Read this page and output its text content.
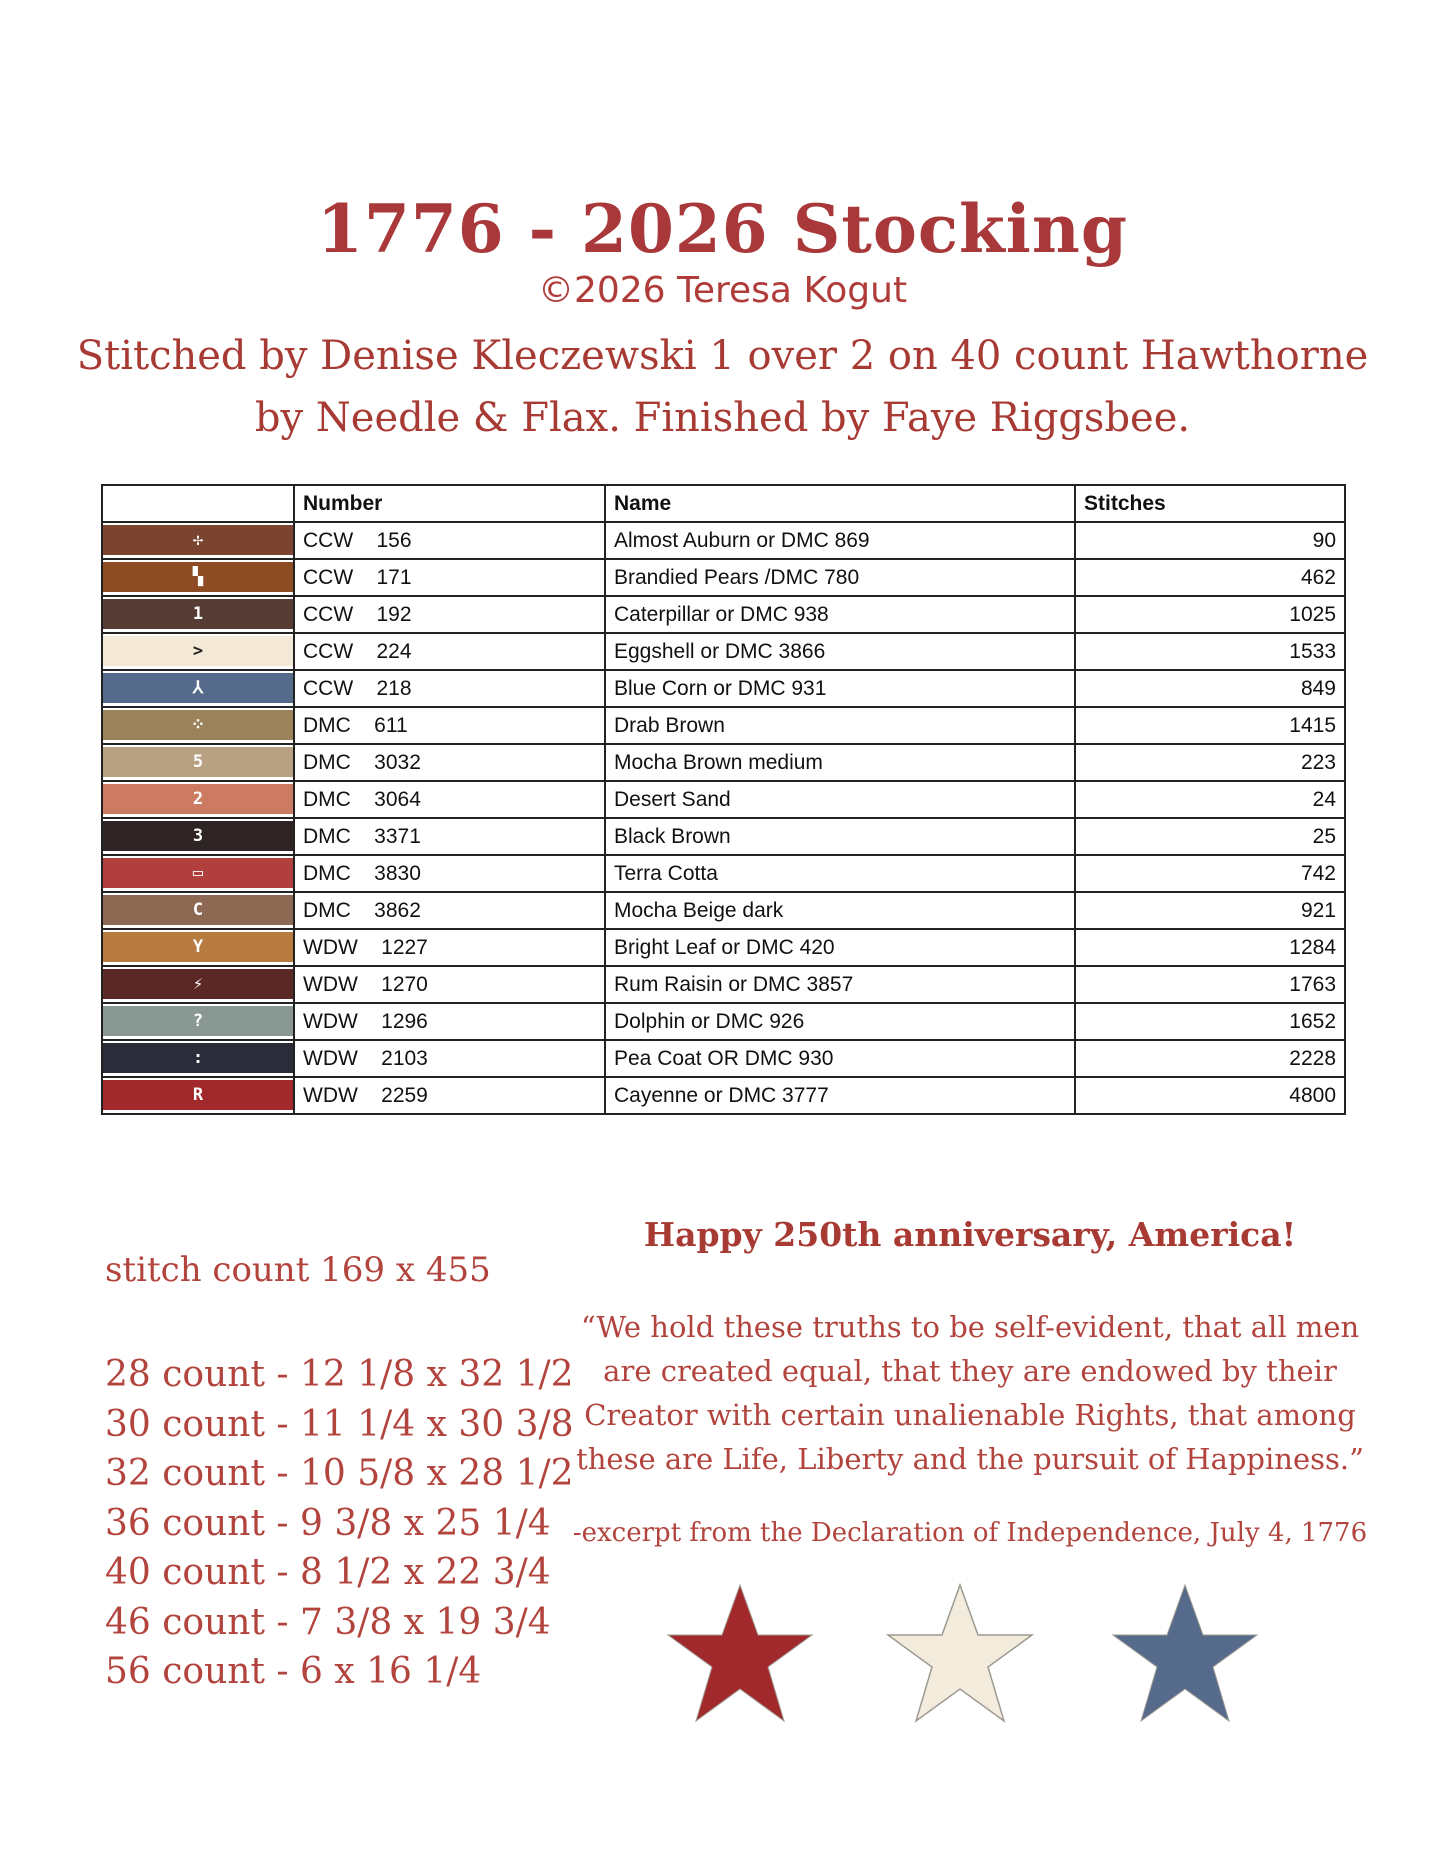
1776 - 2026 Stocking
©2026 Teresa Kogut
Stitched by Denise Kleczewski 1 over 2 on 40 count Hawthorne
by Needle & Flax. Finished by Faye Riggsbee.
	Number	Name	Stitches

✢	CCW    156	Almost Auburn or DMC 869	90

▚	CCW    171	Brandied Pears /DMC 780	462

1	CCW    192	Caterpillar or DMC 938	1025

>	CCW    224	Eggshell or DMC 3866	1533

⅄	CCW    218	Blue Corn or DMC 931	849

⁘	DMC    611	Drab Brown	1415

5	DMC    3032	Mocha Brown medium	223

2	DMC    3064	Desert Sand	24

3	DMC    3371	Black Brown	25

▭	DMC    3830	Terra Cotta	742

C	DMC    3862	Mocha Beige dark	921

Y	WDW    1227	Bright Leaf or DMC 420	1284

⚡	WDW    1270	Rum Raisin or DMC 3857	1763

?	WDW    1296	Dolphin or DMC 926	1652

:	WDW    2103	Pea Coat OR DMC 930	2228

R	WDW    2259	Cayenne or DMC 3777	4800
stitch count 169 x 455
28 count - 12 1/8 x 32 1/2
30 count - 11 1/4 x 30 3/8
32 count - 10 5/8 x 28 1/2
36 count - 9 3/8 x 25 1/4
40 count - 8 1/2 x 22 3/4
46 count - 7 3/8 x 19 3/4
56 count - 6 x 16 1/4
Happy 250th anniversary, America!
“We hold these truths to be self-evident, that all men
are created equal, that they are endowed by their
Creator with certain unalienable Rights, that among
these are Life, Liberty and the pursuit of Happiness.”
-excerpt from the Declaration of Independence, July 4, 1776
